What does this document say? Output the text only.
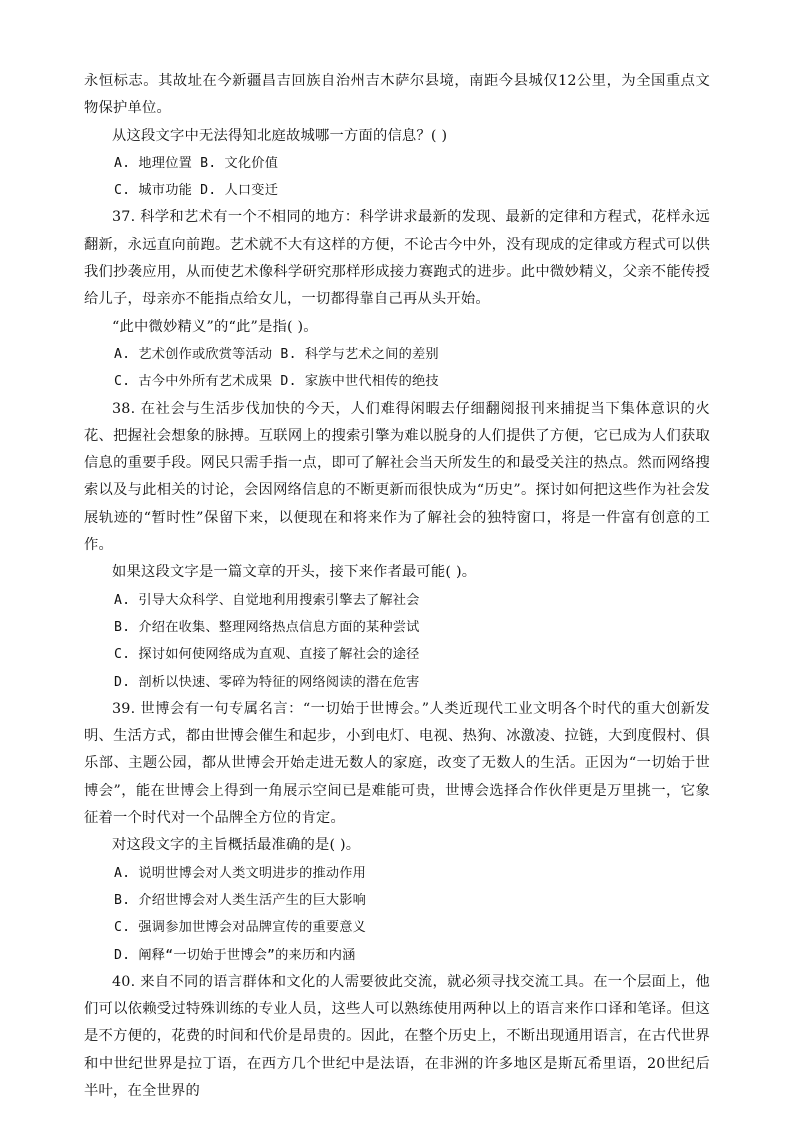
永恒标志。其故址在今新疆昌吉回族自治州吉木萨尔县境，南距今县城仅12公里，为全国重点文物保护单位。

从这段文字中无法得知北庭故城哪一方面的信息？( )

A. 地理位置 B. 文化价值

C. 城市功能 D. 人口变迁

37. 科学和艺术有一个不相同的地方：科学讲求最新的发现、最新的定律和方程式，花样永远翻新，永远直向前跑。艺术就不大有这样的方便，不论古今中外，没有现成的定律或方程式可以供我们抄袭应用，从而使艺术像科学研究那样形成接力赛跑式的进步。此中微妙精义，父亲不能传授给儿子，母亲亦不能指点给女儿，一切都得靠自己再从头开始。

“此中微妙精义”的“此”是指( )。

A. 艺术创作或欣赏等活动 B. 科学与艺术之间的差别

C. 古今中外所有艺术成果 D. 家族中世代相传的绝技

38. 在社会与生活步伐加快的今天，人们难得闲暇去仔细翻阅报刊来捕捉当下集体意识的火花、把握社会想象的脉搏。互联网上的搜索引擎为难以脱身的人们提供了方便，它已成为人们获取信息的重要手段。网民只需手指一点，即可了解社会当天所发生的和最受关注的热点。然而网络搜索以及与此相关的讨论，会因网络信息的不断更新而很快成为“历史”。探讨如何把这些作为社会发展轨迹的“暂时性”保留下来，以便现在和将来作为了解社会的独特窗口，将是一件富有创意的工作。

如果这段文字是一篇文章的开头，接下来作者最可能( )。

A. 引导大众科学、自觉地利用搜索引擎去了解社会

B. 介绍在收集、整理网络热点信息方面的某种尝试

C. 探讨如何使网络成为直观、直接了解社会的途径

D. 剖析以快速、零碎为特征的网络阅读的潜在危害

39. 世博会有一句专属名言：“一切始于世博会。”人类近现代工业文明各个时代的重大创新发明、生活方式，都由世博会催生和起步，小到电灯、电视、热狗、冰激凌、拉链，大到度假村、俱乐部、主题公园，都从世博会开始走进无数人的家庭，改变了无数人的生活。正因为“一切始于世博会”，能在世博会上得到一角展示空间已是难能可贵，世博会选择合作伙伴更是万里挑一，它象征着一个时代对一个品牌全方位的肯定。

对这段文字的主旨概括最准确的是( )。

A. 说明世博会对人类文明进步的推动作用

B. 介绍世博会对人类生活产生的巨大影响

C. 强调参加世博会对品牌宣传的重要意义

D. 阐释“一切始于世博会”的来历和内涵

40. 来自不同的语言群体和文化的人需要彼此交流，就必须寻找交流工具。在一个层面上，他们可以依赖受过特殊训练的专业人员，这些人可以熟练使用两种以上的语言来作口译和笔译。但这是不方便的，花费的时间和代价是昂贵的。因此，在整个历史上，不断出现通用语言，在古代世界和中世纪世界是拉丁语，在西方几个世纪中是法语，在非洲的许多地区是斯瓦希里语，20世纪后半叶，在全世界的
